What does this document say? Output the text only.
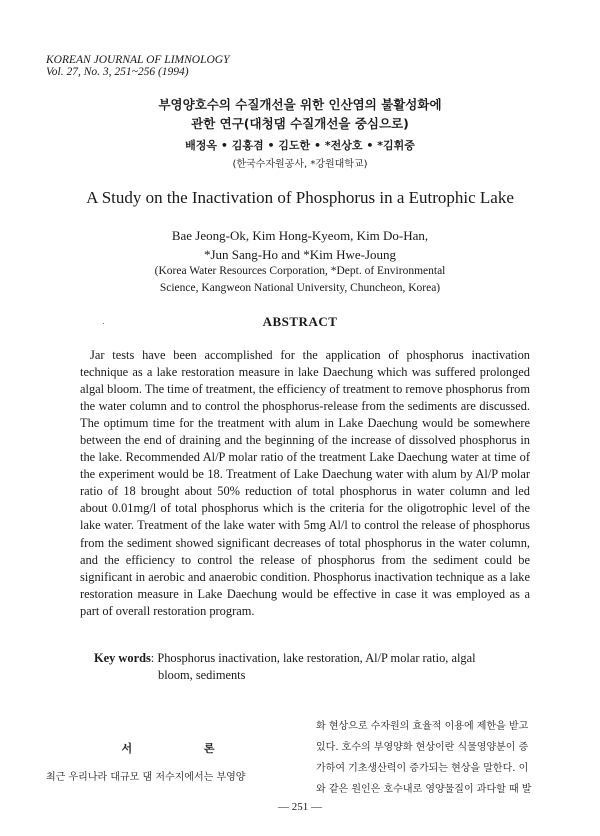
KOREAN JOURNAL OF LIMNOLOGY
Vol. 27, No. 3, 251~256 (1994)
부영양호수의 수질개선을 위한 인산염의 불활성화에
관한 연구(대청댐 수질개선을 중심으로)
배정옥 • 김홍겸 • 김도한 • *전상호 • *김휘중
(한국수자원공사, *강원대학교)
A Study on the Inactivation of Phosphorus in a Eutrophic Lake
Bae Jeong-Ok, Kim Hong-Kyeom, Kim Do-Han,
*Jun Sang-Ho and *Kim Hwe-Joung
(Korea Water Resources Corporation, *Dept. of Environmental
Science, Kangweon National University, Chuncheon, Korea)
ABSTRACT

Jar tests have been accomplished for the application of phosphorus inactivation technique as a lake restoration measure in lake Daechung which was suffered prolonged algal bloom. The time of treatment, the efficiency of treatment to remove phosphorus from the water column and to control the phosphorus-release from the sediments are discussed. The optimum time for the treatment with alum in Lake Daechung would be somewhere between the end of draining and the beginning of the increase of dissolved phosphorus in the lake. Recommended Al/P molar ratio of the treatment Lake Daechung water at time of the experiment would be 18. Treatment of Lake Daechung water with alum by Al/P molar ratio of 18 brought about 50% reduction of total phosphorus in water column and led about 0.01mg/l of total phosphorus which is the criteria for the oligotrophic level of the lake water. Treatment of the lake water with 5mg Al/l to control the release of phosphorus from the sediment showed significant decreases of total phosphorus in the water column, and the efficiency to control the release of phosphorus from the sediment could be significant in aerobic and anaerobic condition. Phosphorus inactivation technique as a lake restoration measure in Lake Daechung would be effective in case it was employed as a part of overall restoration program.

Key words: Phosphorus inactivation, lake restoration, Al/P molar ratio, algal
bloom, sediments
서 론
최근 우리나라 대규모 댐 저수지에서는 부영양
화 현상으로 수자원의 효율적 이용에 제한을 받고
있다. 호수의 부영양화 현상이란 식물영양분이 증
가하여 기초생산력이 증가되는 현상을 말한다. 이
와 같은 원인은 호수내로 영양물질이 과다할 때 발
— 251 —
